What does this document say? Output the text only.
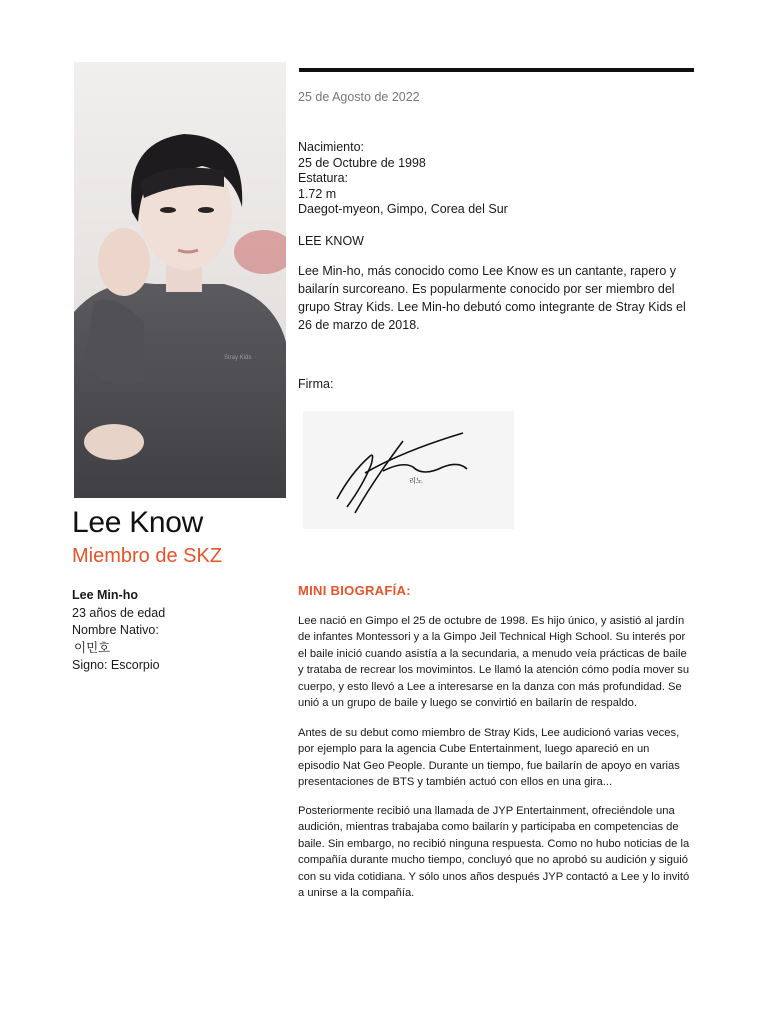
Stray Kids
Lee Know
Miembro de SKZ
Lee Min-ho
23 años de edad
Nombre Nativo:
이민호
Signo: Escorpio
25 de Agosto de 2022
Nacimiento:
25 de Octubre de 1998
Estatura:
1.72 m
Daegot-myeon, Gimpo, Corea del Sur
LEE KNOW
Lee Min-ho, más conocido como Lee Know es un cantante, rapero y bailarín surcoreano. Es popularmente conocido por ser miembro del grupo Stray Kids. Lee Min-ho debutó como integrante de Stray Kids el 26 de marzo de 2018.
Firma:
리노
MINI BIOGRAFÍA:
Lee nació en Gimpo el 25 de octubre de 1998. Es hijo único, y asistió al jardín de infantes Montessori y a la Gimpo Jeil Technical High School. Su interés por el baile inició cuando asistía a la secundaria, a menudo veía prácticas de baile y trataba de recrear los movimintos. Le llamó la atención cómo podía mover su cuerpo, y esto llevó a Lee a interesarse en la danza con más profundidad. Se unió a un grupo de baile y luego se convirtió en bailarín de respaldo.
Antes de su debut como miembro de Stray Kids, Lee audicionó varias veces, por ejemplo para la agencia Cube Entertainment, luego apareció en un episodio Nat Geo People. Durante un tiempo, fue bailarín de apoyo en varias presentaciones de BTS y también actuó con ellos en una gira...
Posteriormente recibió una llamada de JYP Entertainment, ofreciéndole una audición, mientras trabajaba como bailarín y participaba en competencias de baile. Sin embargo, no recibió ninguna respuesta. Como no hubo noticias de la compañía durante mucho tiempo, concluyó que no aprobó su audición y siguió con su vida cotidiana. Y sólo unos años después JYP contactó a Lee y lo invitó a unirse a la compañía.
